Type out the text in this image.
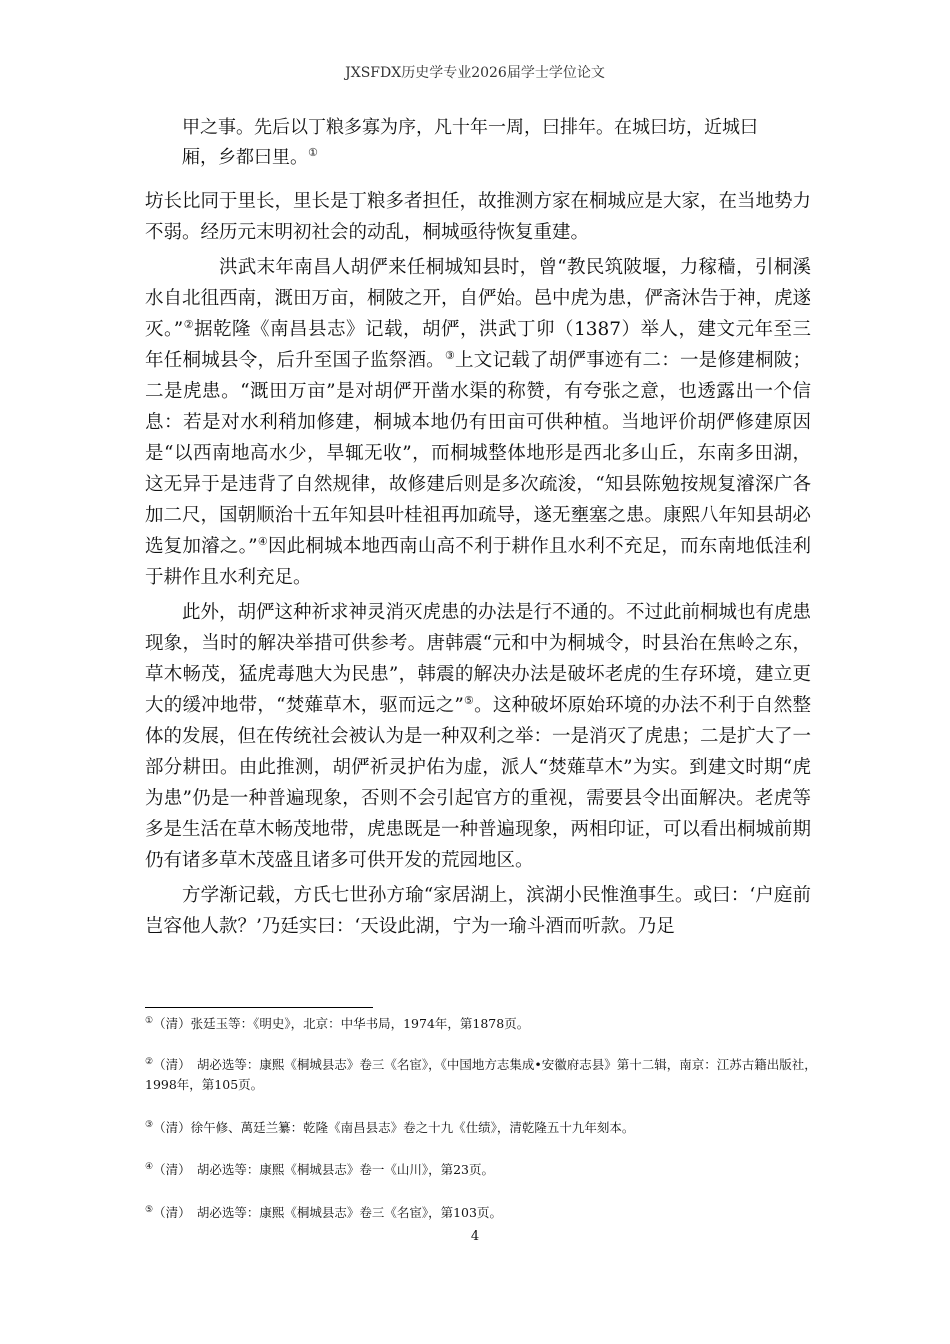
JXSFDX历史学专业2026届学士学位论文
甲之事。先后以丁粮多寡为序，凡十年一周，曰排年。在城曰坊，近城曰
厢，乡都曰里。①

坊长比同于里长，里长是丁粮多者担任，故推测方家在桐城应是大家，在当地势力不弱。经历元末明初社会的动乱，桐城亟待恢复重建。

洪武末年南昌人胡俨来任桐城知县时，曾“教民筑陂堰，力稼穑，引桐溪水自北徂西南，溉田万亩，桐陂之开，自俨始。邑中虎为患，俨斋沐告于神，虎遂灭。”②据乾隆《南昌县志》记载，胡俨，洪武丁卯（1387）举人，建文元年至三年任桐城县令，后升至国子监祭酒。③上文记载了胡俨事迹有二：一是修建桐陂；二是虎患。“溉田万亩”是对胡俨开凿水渠的称赞，有夸张之意，也透露出一个信息：若是对水利稍加修建，桐城本地仍有田亩可供种植。当地评价胡俨修建原因是“以西南地高水少，旱辄无收”，而桐城整体地形是西北多山丘，东南多田湖，这无异于是违背了自然规律，故修建后则是多次疏浚，“知县陈勉按规复濬深广各加二尺，国朝顺治十五年知县叶桂祖再加疏导，遂无壅塞之患。康熙八年知县胡必选复加濬之。”④因此桐城本地西南山高不利于耕作且水利不充足，而东南地低洼利于耕作且水利充足。

此外，胡俨这种祈求神灵消灭虎患的办法是行不通的。不过此前桐城也有虎患现象，当时的解决举措可供参考。唐韩震“元和中为桐城令，时县治在焦岭之东，草木畅茂，猛虎毒虺大为民患”，韩震的解决办法是破坏老虎的生存环境，建立更大的缓冲地带，“焚薙草木，驱而远之”⑤。这种破坏原始环境的办法不利于自然整体的发展，但在传统社会被认为是一种双利之举：一是消灭了虎患；二是扩大了一部分耕田。由此推测，胡俨祈灵护佑为虚，派人“焚薙草木”为实。到建文时期“虎为患”仍是一种普遍现象，否则不会引起官方的重视，需要县令出面解决。老虎等多是生活在草木畅茂地带，虎患既是一种普遍现象，两相印证，可以看出桐城前期仍有诸多草木茂盛且诸多可供开发的荒园地区。

方学渐记载，方氏七世孙方瑜“家居湖上，滨湖小民惟渔事生。或曰：‘户庭前岂容他人款？’乃廷实曰：‘天设此湖，宁为一瑜斗酒而听款。乃足

①（清）张廷玉等：《明史》，北京：中华书局，1974年，第1878页。

②（清）　胡必选等：康熙《桐城县志》卷三《名宦》，《中国地方志集成•安徽府志县》第十二辑，南京：江苏古籍出版社，1998年，第105页。

③（清）徐午修、萬廷兰纂：乾隆《南昌县志》卷之十九《仕绩》，清乾隆五十九年刻本。

④（清）　胡必选等：康熙《桐城县志》卷一《山川》，第23页。

⑤（清）　胡必选等：康熙《桐城县志》卷三《名宦》，第103页。

4
